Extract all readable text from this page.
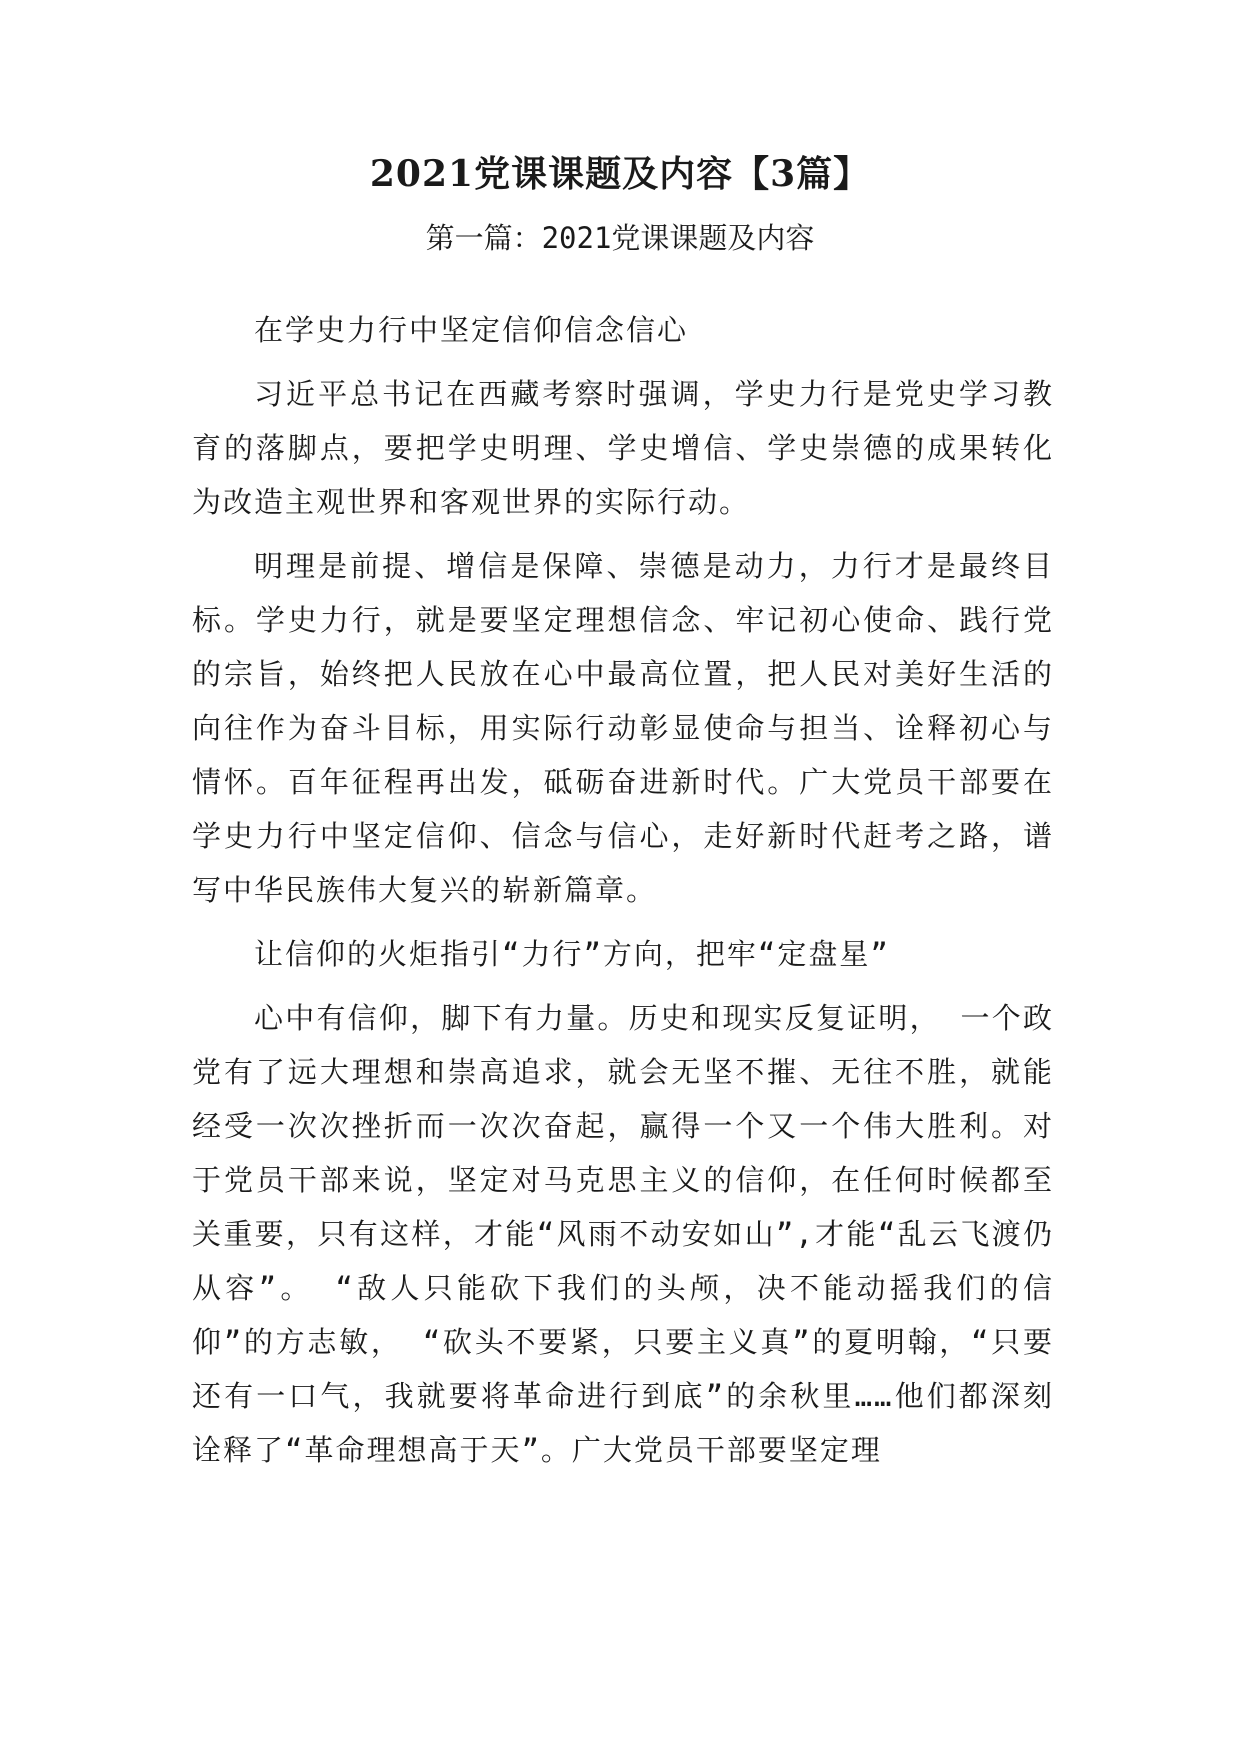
2021党课课题及内容【3篇】
第一篇：2021党课课题及内容

在学史力行中坚定信仰信念信心

习近平总书记在西藏考察时强调，学史力行是党史学习教育的落脚点，要把学史明理、学史增信、学史崇德的成果转化为改造主观世界和客观世界的实际行动。

明理是前提、增信是保障、崇德是动力，力行才是最终目标。学史力行，就是要坚定理想信念、牢记初心使命、践行党的宗旨，始终把人民放在心中最高位置，把人民对美好生活的向往作为奋斗目标，用实际行动彰显使命与担当、诠释初心与情怀。百年征程再出发，砥砺奋进新时代。广大党员干部要在学史力行中坚定信仰、信念与信心，走好新时代赶考之路，谱写中华民族伟大复兴的崭新篇章。

让信仰的火炬指引“力行”方向，把牢“定盘星”

心中有信仰，脚下有力量。历史和现实反复证明， 一个政党有了远大理想和崇高追求，就会无坚不摧、无往不胜，就能经受一次次挫折而一次次奋起，赢得一个又一个伟大胜利。对于党员干部来说，坚定对马克思主义的信仰，在任何时候都至关重要，只有这样，才能“风雨不动安如山”,才能“乱云飞渡仍从容”。 “敌人只能砍下我们的头颅，决不能动摇我们的信仰”的方志敏， “砍头不要紧，只要主义真”的夏明翰，“只要还有一口气，我就要将革命进行到底”的余秋里……他们都深刻诠释了“革命理想高于天”。广大党员干部要坚定理
